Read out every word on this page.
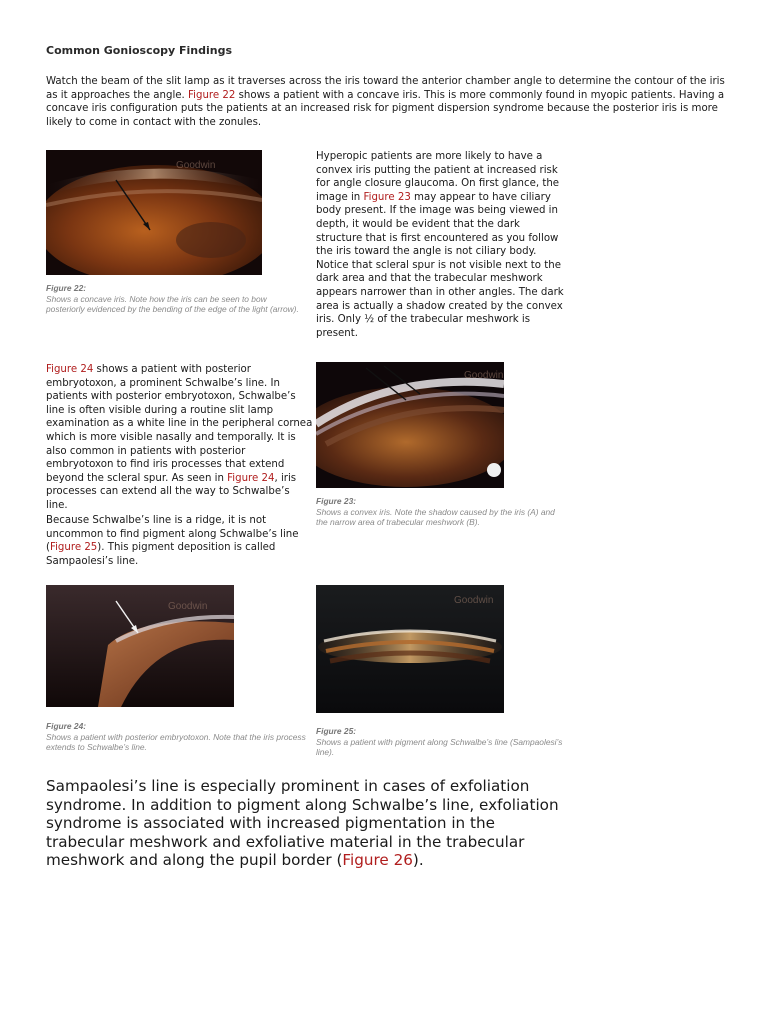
Common Gonioscopy Findings

Watch the beam of the slit lamp as it traverses across the iris toward the anterior chamber angle to determine the contour of the iris as it approaches the angle. Figure 22 shows a patient with a concave iris. This is more commonly found in myopic patients. Having a concave iris configuration puts the patients at an increased risk for pigment dispersion syndrome because the posterior iris is more likely to come in contact with the zonules.

Goodwin
Figure 22:
Shows a concave iris. Note how the iris can be seen to bow posteriorly evidenced by the bending of the edge of the light (arrow).

Hyperopic patients are more likely to have a convex iris putting the patient at increased risk for angle closure glaucoma. On first glance, the image in Figure 23 may appear to have ciliary body present. If the image was being viewed in depth, it would be evident that the dark structure that is first encountered as you follow the iris toward the angle is not ciliary body. Notice that scleral spur is not visible next to the dark area and that the trabecular meshwork appears narrower than in other angles. The dark area is actually a shadow created by the convex iris. Only ½ of the trabecular meshwork is present.

Figure 24 shows a patient with posterior embryotoxon, a prominent Schwalbe’s line. In patients with posterior embryotoxon, Schwalbe’s line is often visible during a routine slit lamp examination as a white line in the peripheral cornea which is more visible nasally and temporally. It is also common in patients with posterior embryotoxon to find iris processes that extend beyond the scleral spur. As seen in Figure 24, iris processes can extend all the way to Schwalbe’s line.

Goodwin
Figure 23:
Shows a convex iris. Note the shadow caused by the iris (A) and the narrow area of trabecular meshwork (B).

Because Schwalbe’s line is a ridge, it is not uncommon to find pigment along Schwalbe’s line (Figure 25). This pigment deposition is called Sampaolesi’s line.

Goodwin
Figure 24:
Shows a patient with posterior embryotoxon. Note that the iris process extends to Schwalbe’s line.
Goodwin
Figure 25:
Shows a patient with pigment along Schwalbe’s line (Sampaolesi’s line).

Sampaolesi’s line is especially prominent in cases of exfoliation syndrome. In addition to pigment along Schwalbe’s line, exfoliation syndrome is associated with increased pigmentation in the trabecular meshwork and exfoliative material in the trabecular meshwork and along the pupil border (Figure 26).
